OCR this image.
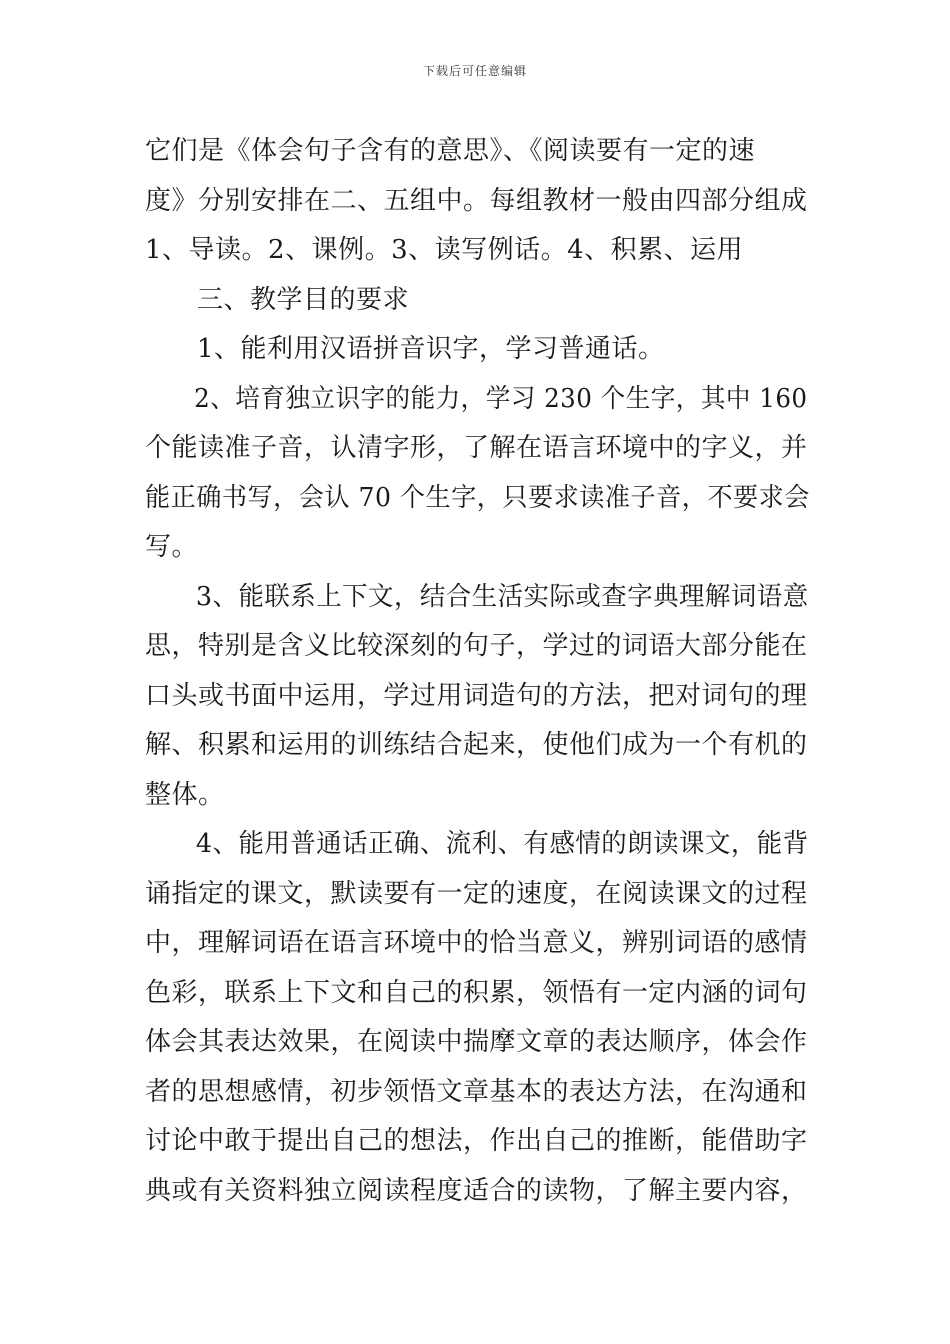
下载后可任意编辑
它们是《体会句子含有的意思》、《阅读要有一定的速
度》分别安排在二、五组中。每组教材一般由四部分组成
1、导读。2、课例。3、读写例话。4、积累、运用
三、教学目的要求
1、能利用汉语拼音识字，学习普通话。
2、培育独立识字的能力，学习 230 个生字，其中 160
个能读准子音，认清字形，了解在语言环境中的字义，并
能正确书写，会认 70 个生字，只要求读准子音，不要求会
写。
3、能联系上下文，结合生活实际或查字典理解词语意
思，特别是含义比较深刻的句子，学过的词语大部分能在
口头或书面中运用，学过用词造句的方法，把对词句的理
解、积累和运用的训练结合起来，使他们成为一个有机的
整体。
4、能用普通话正确、流利、有感情的朗读课文，能背
诵指定的课文，默读要有一定的速度，在阅读课文的过程
中，理解词语在语言环境中的恰当意义，辨别词语的感情
色彩，联系上下文和自己的积累，领悟有一定内涵的词句
体会其表达效果，在阅读中揣摩文章的表达顺序，体会作
者的思想感情，初步领悟文章基本的表达方法，在沟通和
讨论中敢于提出自己的想法，作出自己的推断，能借助字
典或有关资料独立阅读程度适合的读物，了解主要内容，
